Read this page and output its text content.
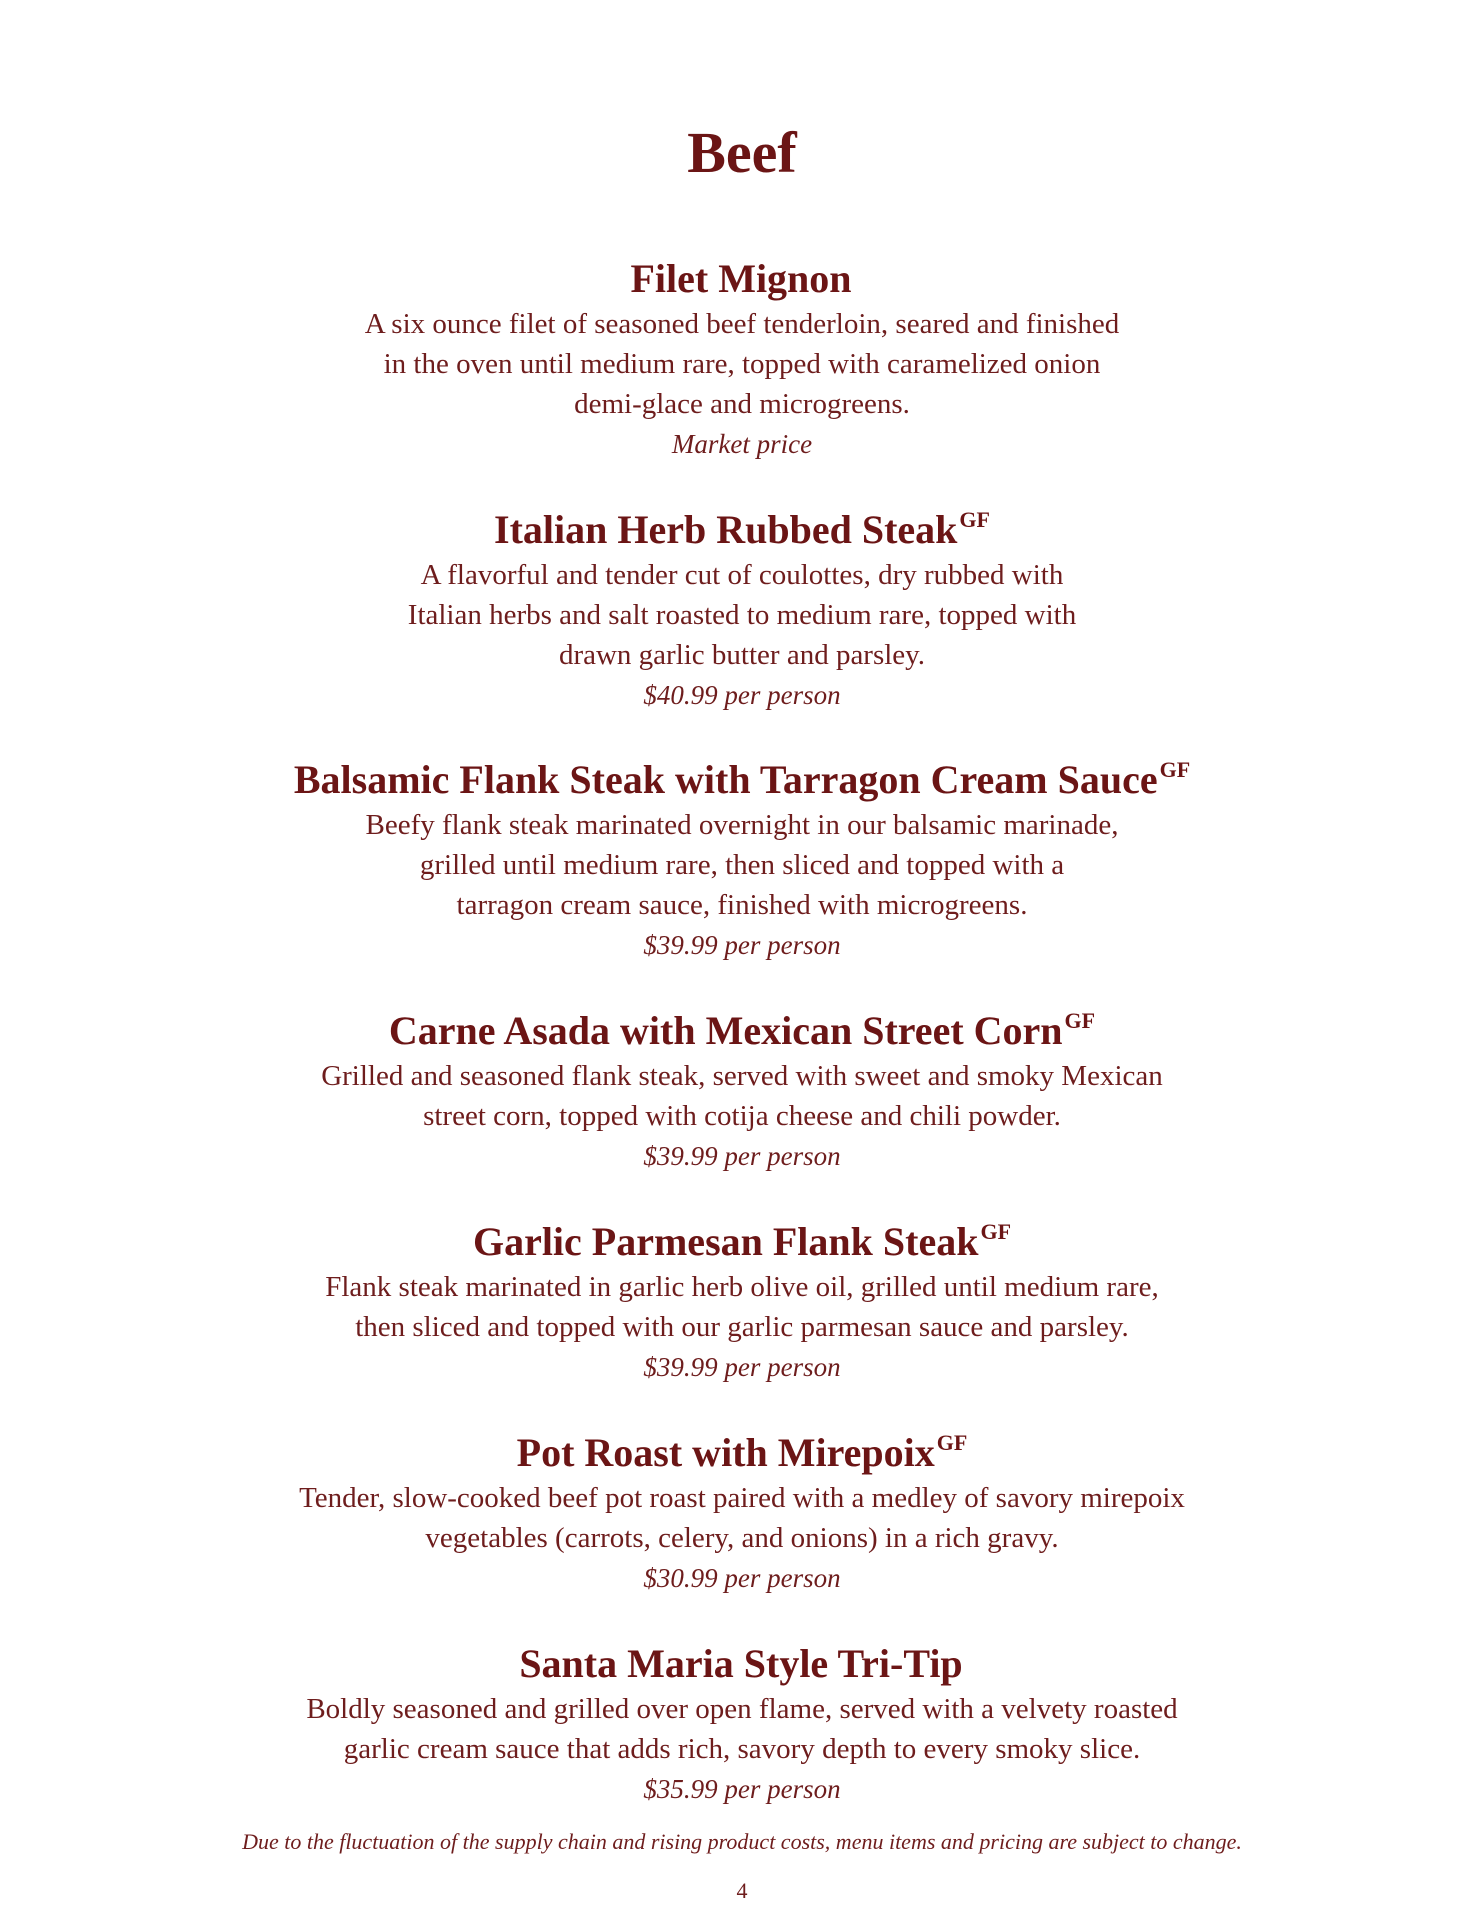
Beef

Filet Mignon

A six ounce filet of seasoned beef tenderloin, seared and finished
in the oven until medium rare, topped with caramelized onion
demi-glace and microgreens.

Market price

Italian Herb Rubbed Steak$^{GF}$

A flavorful and tender cut of coulottes, dry rubbed with
Italian herbs and salt roasted to medium rare, topped with
drawn garlic butter and parsley.

$40.99 per person

Balsamic Flank Steak with Tarragon Cream Sauce$^{GF}$

Beefy flank steak marinated overnight in our balsamic marinade,
grilled until medium rare, then sliced and topped with a
tarragon cream sauce, finished with microgreens.

$39.99 per person

Carne Asada with Mexican Street Corn$^{GF}$

Grilled and seasoned flank steak, served with sweet and smoky Mexican
street corn, topped with cotija cheese and chili powder.

$39.99 per person

Garlic Parmesan Flank Steak$^{GF}$

Flank steak marinated in garlic herb olive oil, grilled until medium rare,
then sliced and topped with our garlic parmesan sauce and parsley.

$39.99 per person

Pot Roast with Mirepoix$^{GF}$

Tender, slow-cooked beef pot roast paired with a medley of savory mirepoix
vegetables (carrots, celery, and onions) in a rich gravy.

$30.99 per person

Santa Maria Style Tri-Tip

Boldly seasoned and grilled over open flame, served with a velvety roasted
garlic cream sauce that adds rich, savory depth to every smoky slice.

$35.99 per person

Due to the fluctuation of the supply chain and rising product costs, menu items and pricing are subject to change.
4
